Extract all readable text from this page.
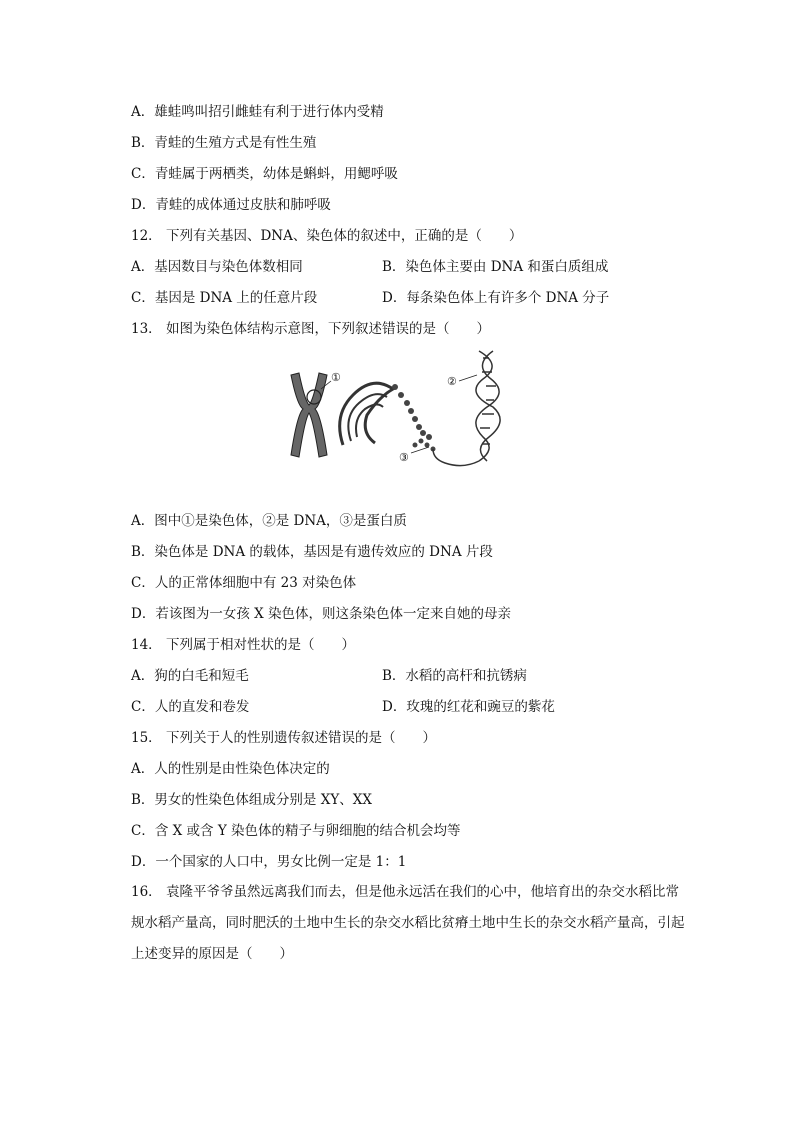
A．雄蛙鸣叫招引雌蛙有利于进行体内受精
B．青蛙的生殖方式是有性生殖
C．青蛙属于两栖类，幼体是蝌蚪，用鳃呼吸
D．青蛙的成体通过皮肤和肺呼吸
12． 下列有关基因、DNA、染色体的叙述中，正确的是（　　）
A．基因数目与染色体数相同	B．染色体主要由 DNA 和蛋白质组成
C．基因是 DNA 上的任意片段	D．每条染色体上有许多个 DNA 分子
13． 如图为染色体结构示意图，下列叙述错误的是（　　）
①	②
③
A．图中①是染色体，②是 DNA，③是蛋白质
B．染色体是 DNA 的载体，基因是有遗传效应的 DNA 片段
C．人的正常体细胞中有 23 对染色体
D．若该图为一女孩 X 染色体，则这条染色体一定来自她的母亲
14． 下列属于相对性状的是（　　）
A．狗的白毛和短毛	B．水稻的高杆和抗锈病
C．人的直发和卷发	D．玫瑰的红花和豌豆的紫花
15． 下列关于人的性别遗传叙述错误的是（　　）
A．人的性别是由性染色体决定的
B．男女的性染色体组成分别是 XY、XX
C．含 X 或含 Y 染色体的精子与卵细胞的结合机会均等
D．一个国家的人口中，男女比例一定是 1：1
16． 袁隆平爷爷虽然远离我们而去，但是他永远活在我们的心中，他培育出的杂交水稻比常规水稻产量高，同时肥沃的土地中生长的杂交水稻比贫瘠土地中生长的杂交水稻产量高，引起上述变异的原因是（　　）
